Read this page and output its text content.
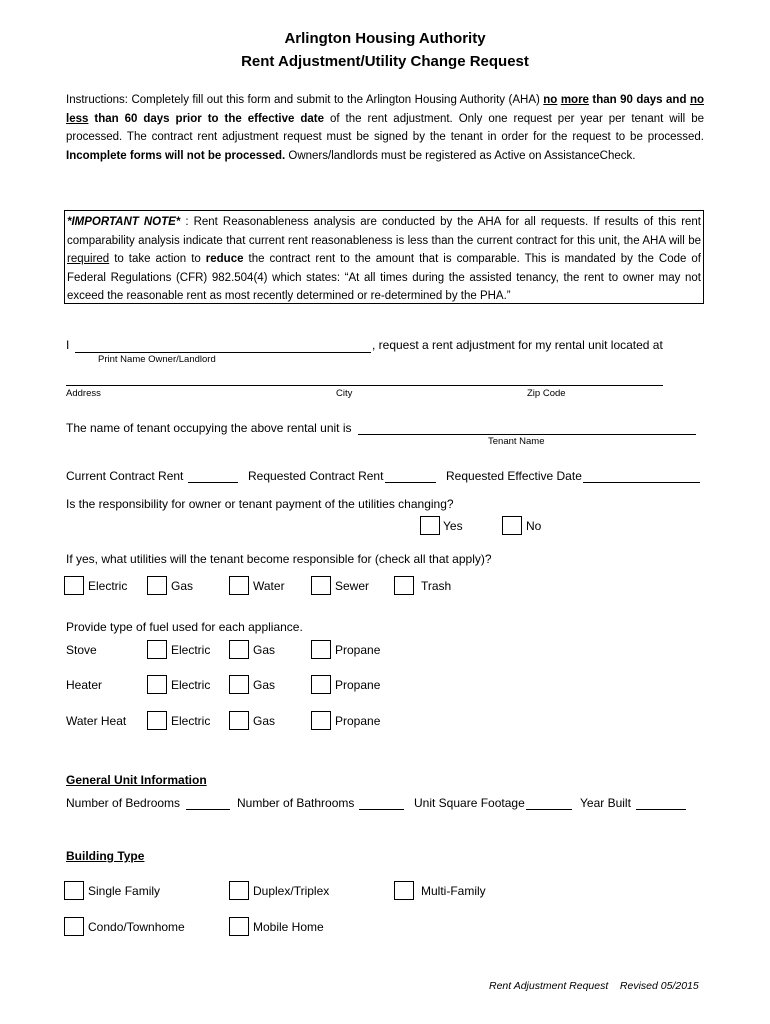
Arlington Housing Authority
Rent Adjustment/Utility Change Request
Instructions: Completely fill out this form and submit to the Arlington Housing Authority (AHA) no more than 90 days and no less than 60 days prior to the effective date of the rent adjustment. Only one request per year per tenant will be processed. The contract rent adjustment request must be signed by the tenant in order for the request to be processed. Incomplete forms will not be processed. Owners/landlords must be registered as Active on AssistanceCheck.
*IMPORTANT NOTE* : Rent Reasonableness analysis are conducted by the AHA for all requests. If results of this rent comparability analysis indicate that current rent reasonableness is less than the current contract for this unit, the AHA will be required to take action to reduce the contract rent to the amount that is comparable. This is mandated by the Code of Federal Regulations (CFR) 982.504(4) which states: “At all times during the assisted tenancy, the rent to owner may not exceed the reasonable rent as most recently determined or re-determined by the PHA.”
I	, request a rent adjustment for my rental unit located at
Print Name Owner/Landlord
Address	City	Zip Code
The name of tenant occupying the above rental unit is
Tenant Name
Current Contract Rent	Requested Contract Rent	Requested Effective Date
Is the responsibility for owner or tenant payment of the utilities changing?
Yes	No
If yes, what utilities will the tenant become responsible for (check all that apply)?
Electric	Gas	Water	Sewer	Trash
Provide type of fuel used for each appliance.
Stove	Electric	Gas	Propane
Heater	Electric	Gas	Propane
Water Heat	Electric	Gas	Propane
General Unit Information
Number of Bedrooms	Number of Bathrooms	Unit Square Footage	Year Built
Building Type
Single Family	Duplex/Triplex	Multi-Family
Condo/Townhome	Mobile Home
Rent Adjustment Request    Revised 05/2015
